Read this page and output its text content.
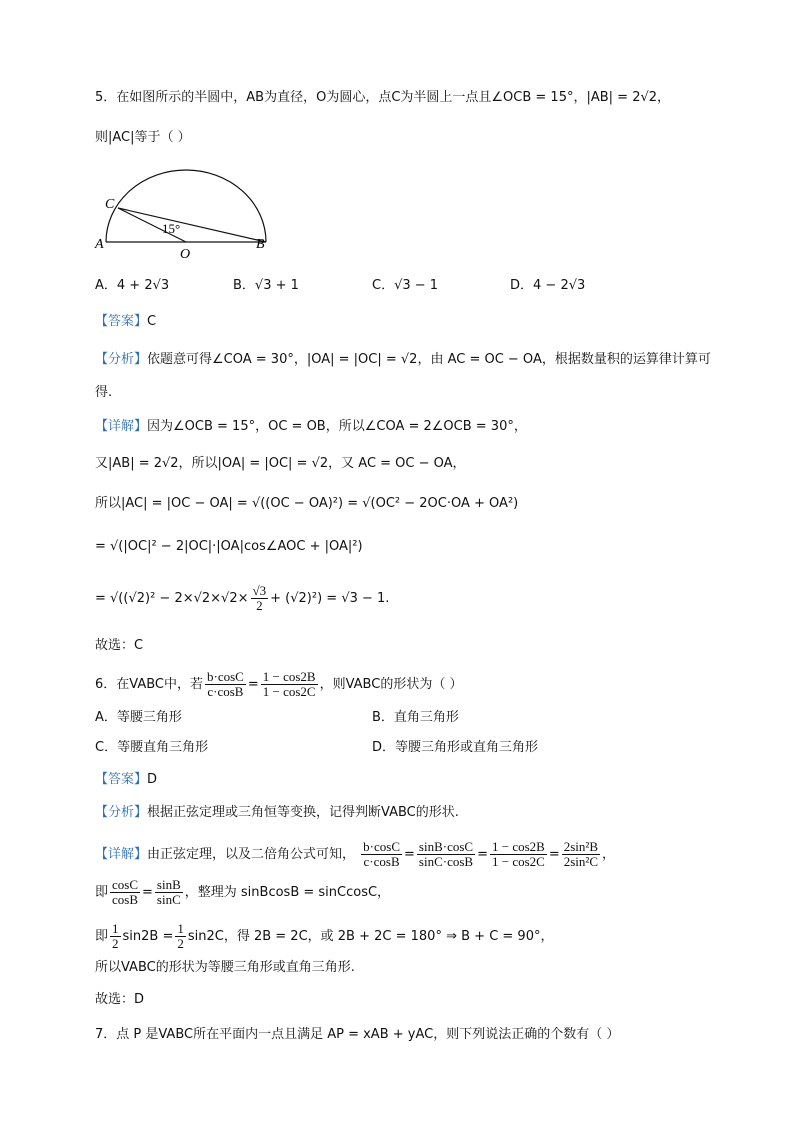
5．在如图所示的半圆中，AB为直径，O为圆心，点C为半圆上一点且∠OCB = 15°，|AB| = 2√2，
则|AC|等于（ ）
C
A
O
B
15°
A．4 + 2√3	B．√3 + 1	C．√3 − 1	D．4 − 2√3
【答案】C
【分析】依题意可得∠COA = 30°，|OA| = |OC| = √2，由 AC = OC − OA，根据数量积的运算律计算可
得.
【详解】因为∠OCB = 15°，OC = OB，所以∠COA = 2∠OCB = 30°，
又|AB| = 2√2，所以|OA| = |OC| = √2，又 AC = OC − OA，
所以|AC| = |OC − OA| = √((OC − OA)²) = √(OC² − 2OC·OA + OA²)
= √(|OC|² − 2|OC|·|OA|cos∠AOC + |OA|²)
= $√((√2)^2 - 2\times√2\times√2\times \frac{√3}{2} + (√2)^2) = √3 - 1$.
故选：C
6．在VABC中，若 $\frac{b\cdot\cos C}{c\cdot\cos B} = \frac{1 - \cos 2B}{1 - \cos 2C}$ ，则VABC的形状为（ ）
A．等腰三角形	B．直角三角形
C．等腰直角三角形	D．等腰三角形或直角三角形
【答案】D
【分析】根据正弦定理或三角恒等变换，记得判断VABC的形状.
【详解】由正弦定理，以及二倍角公式可知， $\frac{b\cdot\cos C}{c\cdot\cos B} = \frac{\sin B\cdot\cos C}{\sin C\cdot\cos B} = \frac{1 - \cos 2B}{1 - \cos 2C} = \frac{\text{2sin²B}}{\text{2sin²C}}$ ，
即 $\frac{\cos C}{\cos B} = \frac{\sin B}{\sin C}$ ，整理为 sinBcosB = sinCcosC，
即 $\frac{1}{2} \sin 2B = \frac{1}{2} \sin 2C$，得 2B = 2C，或 2B + 2C = 180° ⇒ B + C = 90°，
所以VABC的形状为等腰三角形或直角三角形.
故选：D
7．点 P 是VABC所在平面内一点且满足 AP = xAB + yAC，则下列说法正确的个数有（ ）
